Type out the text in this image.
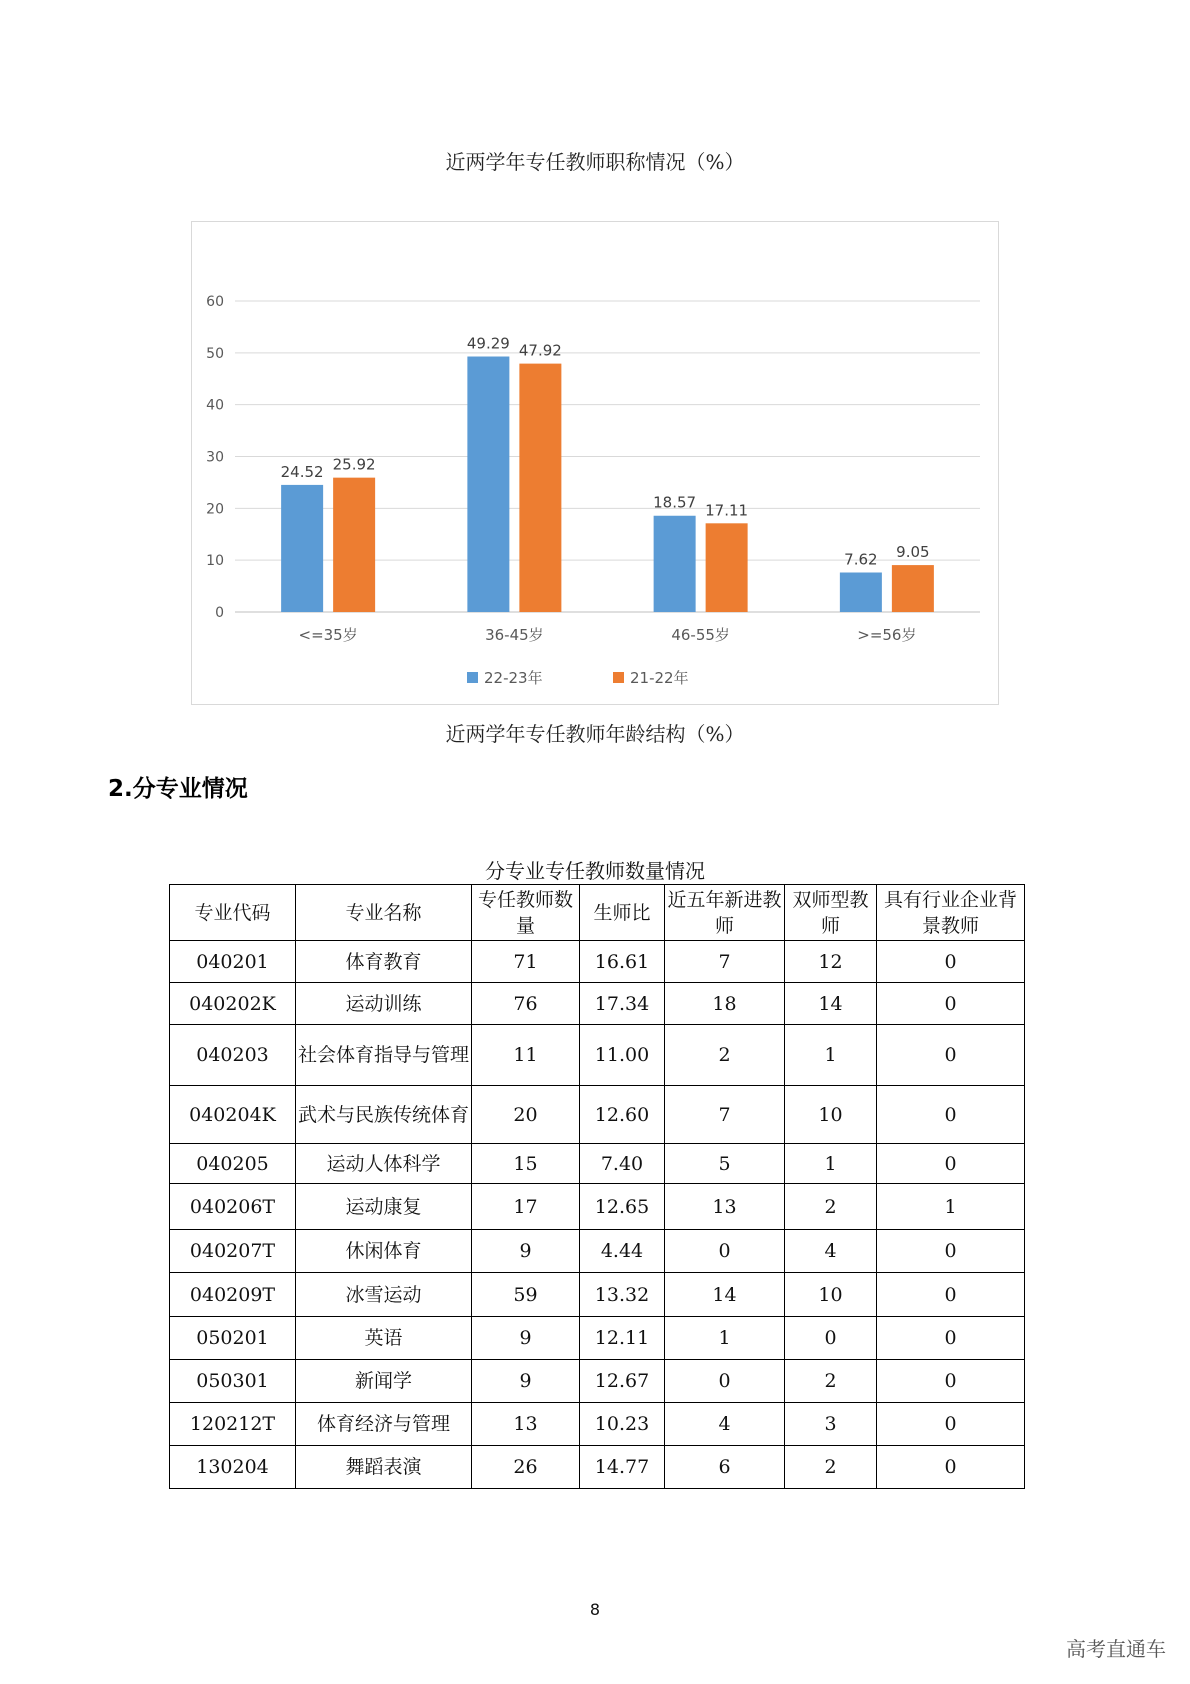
近两学年专任教师职称情况（%）
0
10
20
30
40
50
60
24.52 25.92
<=35岁
49.29 47.92
36-45岁
18.57 17.11
46-55岁
7.62 9.05
>=56岁
22-23年	21-22年
近两学年专任教师年龄结构（%）
2.分专业情况
分专业专任教师数量情况
专业代码	专业名称	专任教师数量	生师比	近五年新进教师	双师型教师	具有行业企业背景教师
040201	体育教育	71	16.61	7	12	0
040202K	运动训练	76	17.34	18	14	0
040203	社会体育指导与管理	11	11.00	2	1	0
040204K	武术与民族传统体育	20	12.60	7	10	0
040205	运动人体科学	15	7.40	5	1	0
040206T	运动康复	17	12.65	13	2	1
040207T	休闲体育	9	4.44	0	4	0
040209T	冰雪运动	59	13.32	14	10	0
050201	英语	9	12.11	1	0	0
050301	新闻学	9	12.67	0	2	0
120212T	体育经济与管理	13	10.23	4	3	0
130204	舞蹈表演	26	14.77	6	2	0
8
高考直通车
